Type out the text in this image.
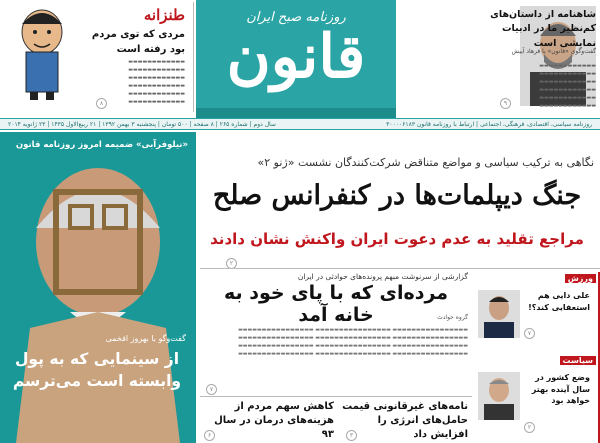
طنزانه
مردی که توی مردم بود رفته است
▬▬▬▬▬▬▬▬▬▬▬▬ ▬▬▬▬▬▬▬▬▬▬▬▬ ▬▬▬▬▬▬▬▬▬▬▬▬ ▬▬▬▬▬▬▬▬▬▬▬▬ ▬▬▬▬▬▬▬▬▬▬▬▬ ▬▬▬▬▬▬▬▬▬▬▬▬
۸
روزنامه صبح ایران
قانون
شاهنامه از داستان‌های کم‌نظیر ما در ادبیات نمایشی است
گفت‌وگوی «قانون» با فرهاد آییش
▬▬▬▬▬▬▬▬▬▬▬▬ ▬▬▬▬▬▬▬▬▬▬▬▬ ▬▬▬▬▬▬▬▬▬▬▬▬ ▬▬▬▬▬▬▬▬▬▬▬▬ ▬▬▬▬▬▬▬▬▬▬▬▬ ▬▬▬▬▬▬▬▬▬▬▬▬
۹
روزنامه سیاسی، اقتصادی، فرهنگی، اجتماعی | ارتباط با روزنامه قانون ۳۰۰۰۰۶۱۸۳
سال دوم | شماره ۲۶۵ | ۸ صفحه | ۵۰۰ تومان | پنجشنبه ۳ بهمن ۱۳۹۲ | ۲۱ ربیع‌الاول ۱۴۳۵ | ۲۳ ژانویه ۲۰۱۴
«نیلوفرآبی» ضمیمه امروز روزنامه قانون
گفت‌وگو با بهروز افخمی
از سینمایی که به پول وابسته است می‌ترسم
نگاهی به ترکیب سیاسی و مواضع متناقض شرکت‌کنندگان نشست «ژنو ۲»
جنگ دیپلمات‌ها در کنفرانس صلح
مراجع تقلید به عدم دعوت ایران واکنش نشان دادند
۲
گزارشی از سرنوشت مبهم پرونده‌های حوادثی در ایران
مرده‌ای که با پای خود به خانه آمد	گروه حوادث
▬▬▬▬▬▬▬▬▬▬▬▬▬▬▬▬ ▬▬▬▬▬▬▬▬▬▬▬▬▬▬▬▬ ▬▬▬▬▬▬▬▬▬▬▬▬▬▬▬▬ ▬▬▬▬▬▬▬▬▬▬▬▬▬▬▬▬ ▬▬▬▬▬▬▬▬▬▬▬▬▬▬▬▬ ▬▬▬▬▬▬▬▬▬▬▬▬▬▬▬▬ ▬▬▬▬▬▬▬▬▬▬▬▬▬▬▬▬ ▬▬▬▬▬▬▬▬▬▬▬▬▬▬▬▬ ▬▬▬▬▬▬▬▬▬▬▬▬▬▬▬▬ ▬▬▬▬▬▬▬▬▬▬▬▬▬▬▬▬ ▬▬▬▬▬▬▬▬▬▬▬▬▬▬▬▬ ▬▬▬▬▬▬▬▬▬▬▬▬▬▬▬▬
۷
نامه‌های غیرقانونی قیمت حامل‌های انرژی را افزایش داد
کاهش سهم مردم از هزینه‌های درمان در سال ۹۳	۳
۶
ورزش
علی دایی هم استعفایی کند؟!
۷
سیاست
وضع کشور در سال آینده بهتر خواهد بود
۲
